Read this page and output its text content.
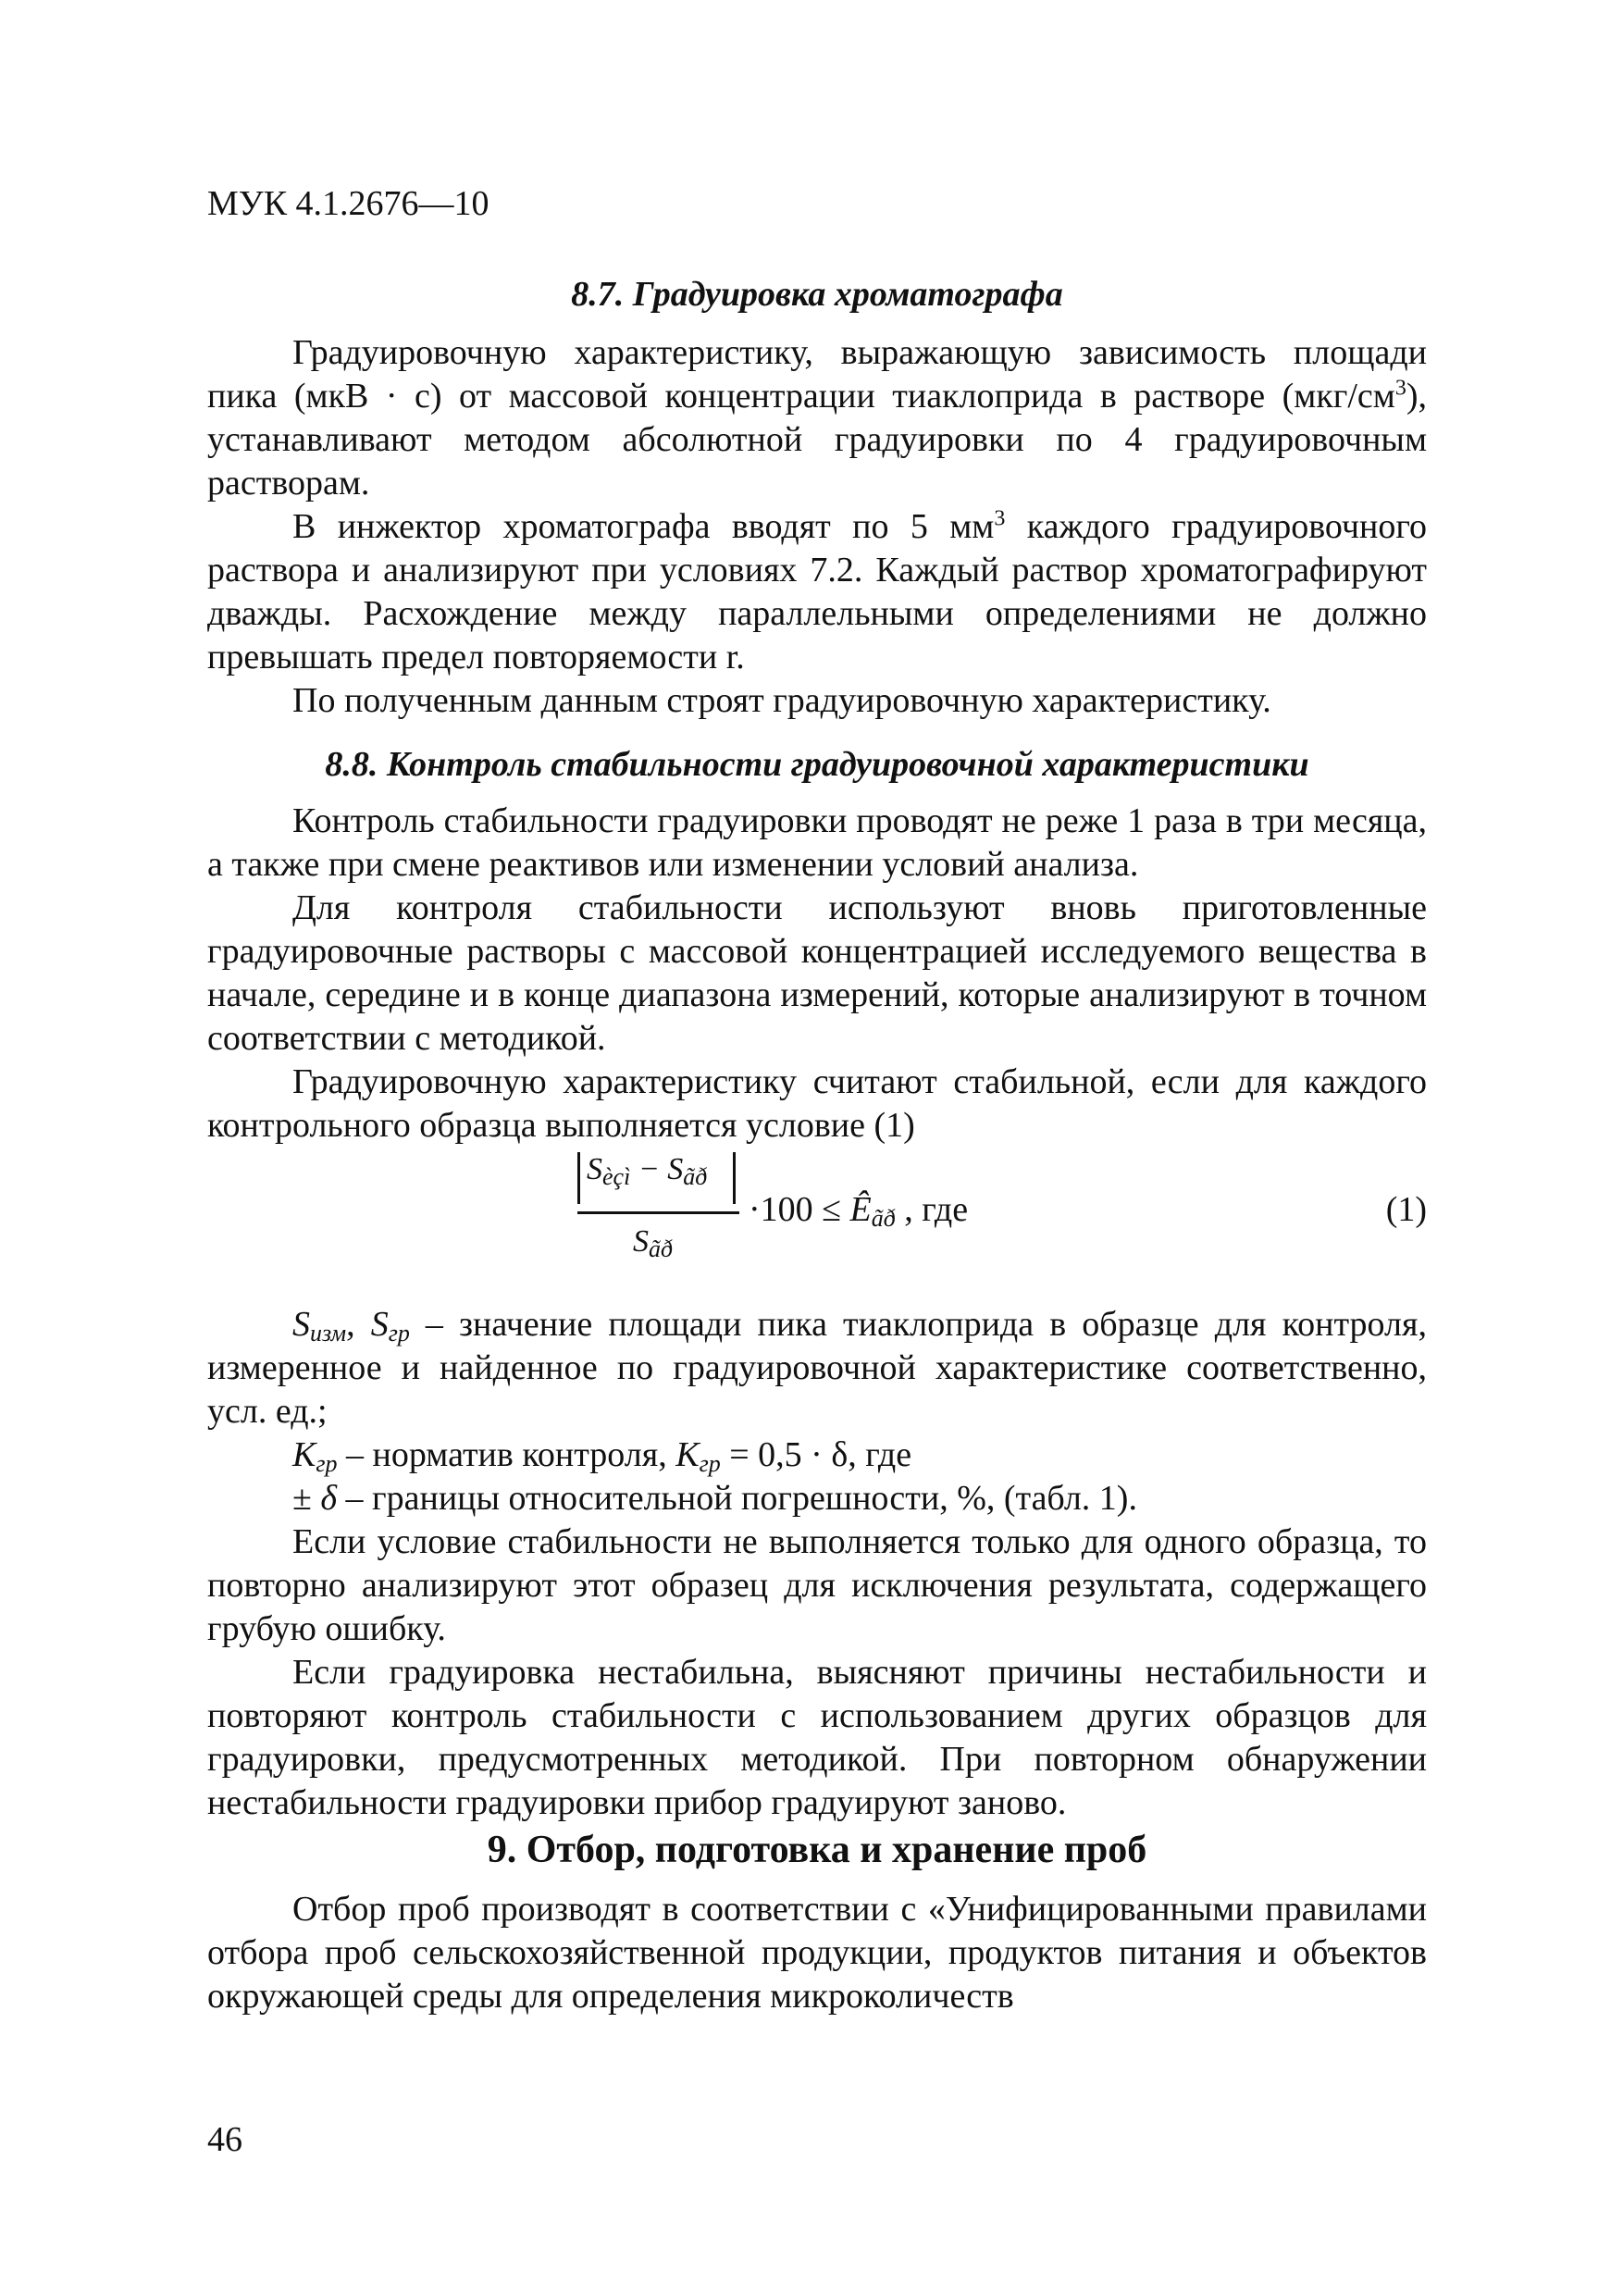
МУК 4.1.2676—10
8.7. Градуировка хроматографа
Градуировочную характеристику, выражающую зависимость площади пика (мкВ · с) от массовой концентрации тиаклоприда в растворе $(мкг/см^3)$, устанавливают методом абсолютной градуировки по 4 градуировочным растворам.
В инжектор хроматографа вводят по 5 $мм^3$ каждого градуировочного раствора и анализируют при условиях 7.2. Каждый раствор хроматографируют дважды. Расхождение между параллельными определениями не должно превышать предел повторяемости r.
По полученным данным строят градуировочную характеристику.
8.8. Контроль стабильности градуировочной характеристики
Контроль стабильности градуировки проводят не реже 1 раза в три месяца, а также при смене реактивов или изменении условий анализа.
Для контроля стабильности используют вновь приготовленные градуировочные растворы с массовой концентрацией исследуемого вещества в начале, середине и в конце диапазона измерений, которые анализируют в точном соответствии с методикой.
Градуировочную характеристику считают стабильной, если для каждого контрольного образца выполняется условие (1)
$S_{èçì} - S_{ãð}$
$S_{ãð}$
$\cdot 100 \le Ê_{ãð}$ , где	(1)
$S_{изм}$, $S_{гр}$ – значение площади пика тиаклоприда в образце для контроля, измеренное и найденное по градуировочной характеристике соответственно, усл. ед.;
$K_{гр}$ – норматив контроля, $K_{гр} = 0,5 \cdot \delta$, где
± δ – границы относительной погрешности, %, (табл. 1).
Если условие стабильности не выполняется только для одного образца, то повторно анализируют этот образец для исключения результата, содержащего грубую ошибку.
Если градуировка нестабильна, выясняют причины нестабильности и повторяют контроль стабильности с использованием других образцов для градуировки, предусмотренных методикой. При повторном обнаружении нестабильности градуировки прибор градуируют заново.
9. Отбор, подготовка и хранение проб
Отбор проб производят в соответствии с «Унифицированными правилами отбора проб сельскохозяйственной продукции, продуктов питания и объектов окружающей среды для определения микроколичеств
46
